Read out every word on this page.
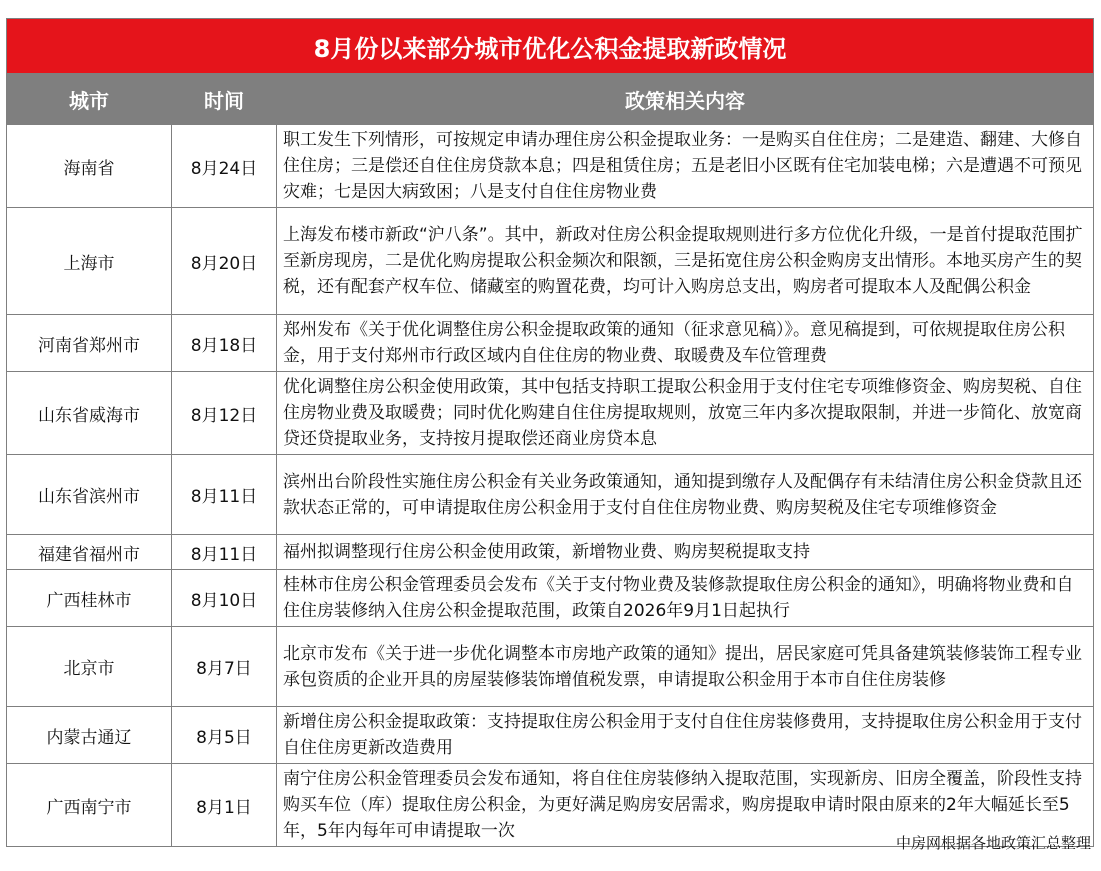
8月份以来部分城市优化公积金提取新政情况		
城市	时间	政策相关内容
海南省	8月24日	职工发生下列情形，可按规定申请办理住房公积金提取业务：一是购买自住住房；二是建造、翻建、大修自住住房；三是偿还自住住房贷款本息；四是租赁住房；五是老旧小区既有住宅加装电梯；六是遭遇不可预见灾难；七是因大病致困；八是支付自住住房物业费
上海市	8月20日	上海发布楼市新政“沪八条”。其中，新政对住房公积金提取规则进行多方位优化升级，一是首付提取范围扩至新房现房，二是优化购房提取公积金频次和限额，三是拓宽住房公积金购房支出情形。本地买房产生的契税，还有配套产权车位、储藏室的购置花费，均可计入购房总支出，购房者可提取本人及配偶公积金
河南省郑州市	8月18日	郑州发布《关于优化调整住房公积金提取政策的通知（征求意见稿）》。意见稿提到，可依规提取住房公积金，用于支付郑州市行政区域内自住住房的物业费、取暖费及车位管理费
山东省威海市	8月12日	优化调整住房公积金使用政策，其中包括支持职工提取公积金用于支付住宅专项维修资金、购房契税、自住住房物业费及取暖费；同时优化购建自住住房提取规则，放宽三年内多次提取限制，并进一步简化、放宽商贷还贷提取业务，支持按月提取偿还商业房贷本息
山东省滨州市	8月11日	滨州出台阶段性实施住房公积金有关业务政策通知，通知提到缴存人及配偶存有未结清住房公积金贷款且还款状态正常的，可申请提取住房公积金用于支付自住住房物业费、购房契税及住宅专项维修资金
福建省福州市	8月11日	福州拟调整现行住房公积金使用政策，新增物业费、购房契税提取支持
广西桂林市	8月10日	桂林市住房公积金管理委员会发布《关于支付物业费及装修款提取住房公积金的通知》，明确将物业费和自住住房装修纳入住房公积金提取范围，政策自2026年9月1日起执行
北京市	8月7日	北京市发布《关于进一步优化调整本市房地产政策的通知》提出，居民家庭可凭具备建筑装修装饰工程专业承包资质的企业开具的房屋装修装饰增值税发票，申请提取公积金用于本市自住住房装修
内蒙古通辽	8月5日	新增住房公积金提取政策：支持提取住房公积金用于支付自住住房装修费用，支持提取住房公积金用于支付自住住房更新改造费用
广西南宁市	8月1日	南宁住房公积金管理委员会发布通知，将自住住房装修纳入提取范围，实现新房、旧房全覆盖，阶段性支持购买车位（库）提取住房公积金，为更好满足购房安居需求，购房提取申请时限由原来的2年大幅延长至5年，5年内每年可申请提取一次
中房网根据各地政策汇总整理
